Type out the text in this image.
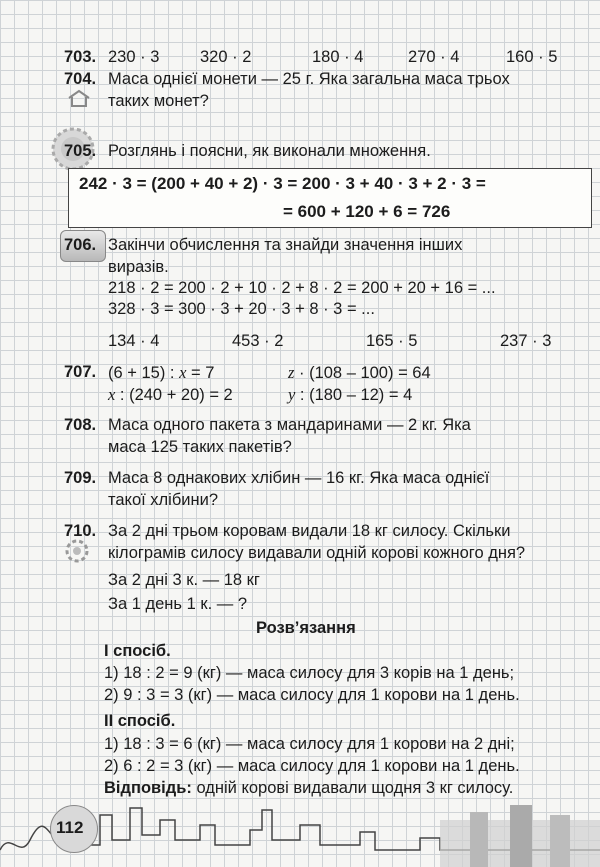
703. 230 · 3 320 · 2	180 · 4	270 · 4	160 · 5
704. Маса однієї монети — 25 г. Яка загальна маса трьох
таких монет?
705. Розглянь і поясни, як виконали множення.
242 · 3 = (200 + 40 + 2) · 3 = 200 · 3 + 40 · 3 + 2 · 3 =
= 600 + 120 + 6 = 726
706. Закінчи обчислення та знайди значення інших
виразів.
218 · 2 = 200 · 2 + 10 · 2 + 8 · 2 = 200 + 20 + 16 = ...
328 · 3 = 300 · 3 + 20 · 3 + 8 · 3 = ...
134 · 4	453 · 2	165 · 5	237 · 3
707. (6 + 15) : x = 7	z · (108 – 100) = 64
x : (240 + 20) = 2	y : (180 – 12) = 4
708. Маса одного пакета з мандаринами — 2 кг. Яка
маса 125 таких пакетів?
709. Маса 8 однакових хлібин — 16 кг. Яка маса однієї
такої хлібини?
710. За 2 дні трьом коровам видали 18 кг силосу. Скільки
кілограмів силосу видавали одній корові кожного дня?
За 2 дні 3 к. — 18 кг
За 1 день 1 к. — ?
Розв’язання
І спосіб.
1) 18 : 2 = 9 (кг) — маса силосу для 3 корів на 1 день;
2) 9 : 3 = 3 (кг) — маса силосу для 1 корови на 1 день.
ІІ спосіб.
1) 18 : 3 = 6 (кг) — маса силосу для 1 корови на 2 дні;
2) 6 : 2 = 3 (кг) — маса силосу для 1 корови на 1 день.
Відповідь: одній корові видавали щодня 3 кг силосу.
112
